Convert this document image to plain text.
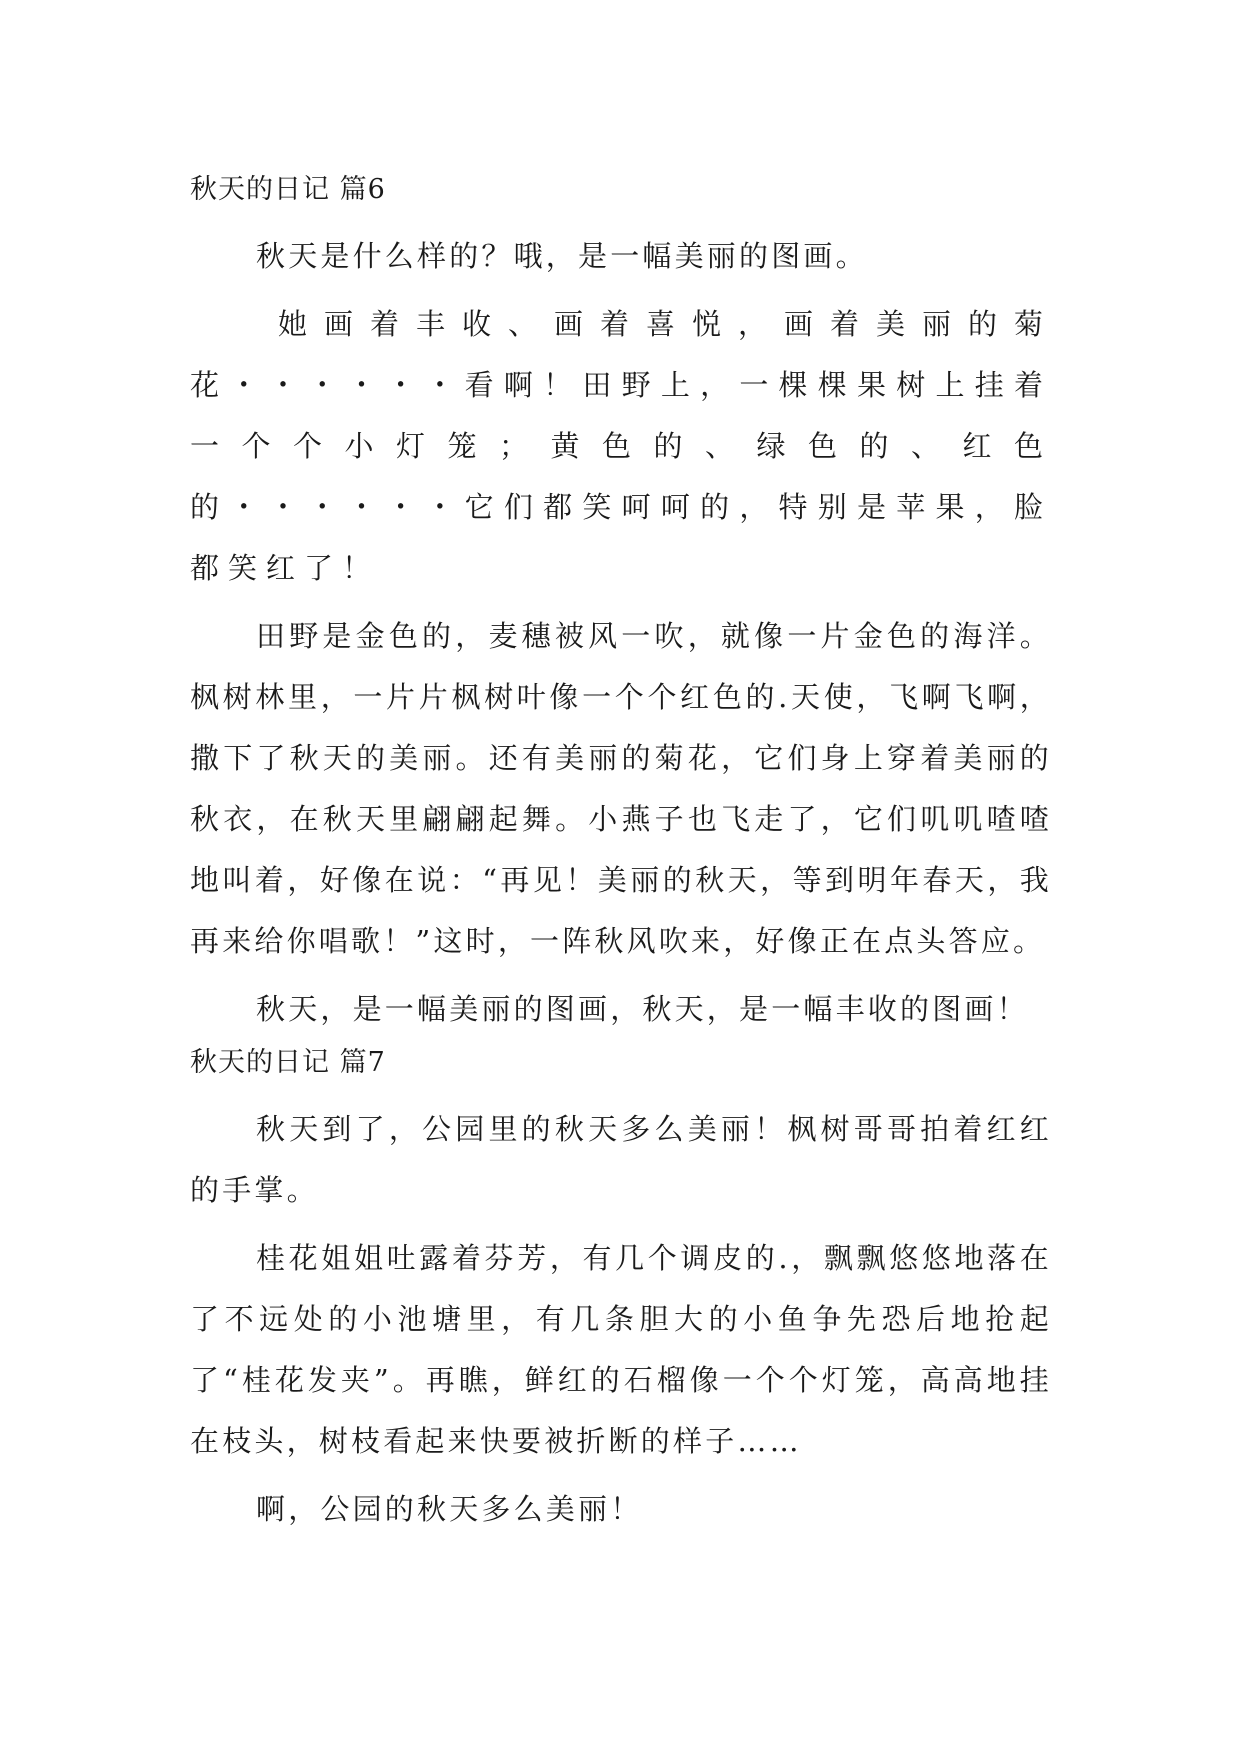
秋天的日记 篇6

秋天是什么样的？哦，是一幅美丽的图画。

她画着丰收、画着喜悦，画着美丽的菊花・・・・・・看啊！田野上，一棵棵果树上挂着一个个小灯笼；黄色的、绿色的、红色的・・・・・・它们都笑呵呵的，特别是苹果，脸都笑红了！

田野是金色的，麦穗被风一吹，就像一片金色的海洋。枫树林里，一片片枫树叶像一个个红色的.天使，飞啊飞啊，撒下了秋天的美丽。还有美丽的菊花，它们身上穿着美丽的秋衣，在秋天里翩翩起舞。小燕子也飞走了，它们叽叽喳喳地叫着，好像在说：“再见！美丽的秋天，等到明年春天，我再来给你唱歌！”这时，一阵秋风吹来，好像正在点头答应。

秋天，是一幅美丽的图画，秋天，是一幅丰收的图画！

秋天的日记 篇7

秋天到了，公园里的秋天多么美丽！枫树哥哥拍着红红的手掌。

桂花姐姐吐露着芬芳，有几个调皮的.，飘飘悠悠地落在了不远处的小池塘里，有几条胆大的小鱼争先恐后地抢起了“桂花发夹”。再瞧，鲜红的石榴像一个个灯笼，高高地挂在枝头，树枝看起来快要被折断的样子……

啊，公园的秋天多么美丽！
